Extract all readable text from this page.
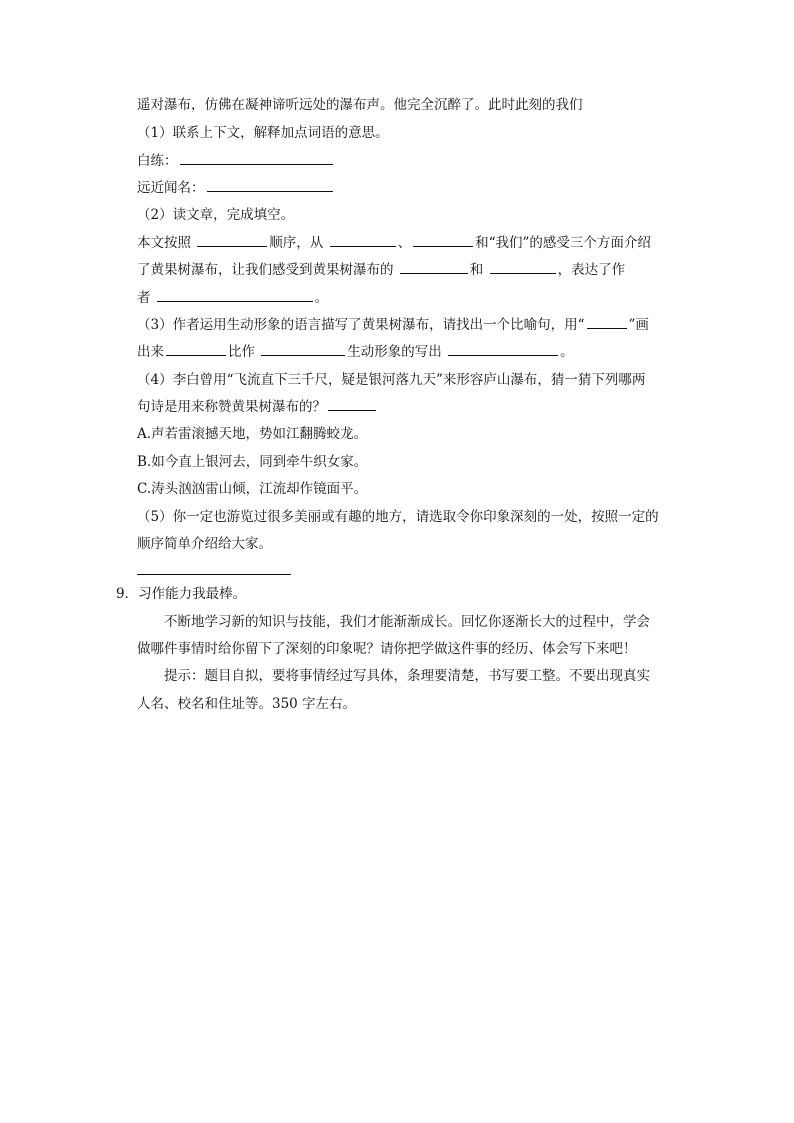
遥对瀑布，仿佛在凝神谛听远处的瀑布声。他完全沉醉了。此时此刻的我们
（1）联系上下文，解释加点词语的意思。
白练：
远近闻名：
（2）读文章，完成填空。
本文按照	顺序，从	、	和“我们”的感受三个方面介绍
了黄果树瀑布，让我们感受到黄果树瀑布的	和	，表达了作
者	。
（3）作者运用生动形象的语言描写了黄果树瀑布，请找出一个比喻句，用“	”画
出来	比作	生动形象的写出	。
（4）李白曾用“飞流直下三千尺，疑是银河落九天”来形容庐山瀑布，猜一猜下列哪两
句诗是用来称赞黄果树瀑布的？
A.声若雷滚撼天地，势如江翻腾蛟龙。
B.如今直上银河去，同到牵牛织女家。
C.涛头汹汹雷山倾，江流却作镜面平。
（5）你一定也游览过很多美丽或有趣的地方，请选取令你印象深刻的一处，按照一定的
顺序简单介绍给大家。
9．习作能力我最棒。
不断地学习新的知识与技能，我们才能渐渐成长。回忆你逐渐长大的过程中，学会
做哪件事情时给你留下了深刻的印象呢？请你把学做这件事的经历、体会写下来吧！
提示：题目自拟，要将事情经过写具体，条理要清楚，书写要工整。不要出现真实
人名、校名和住址等。350 字左右。
